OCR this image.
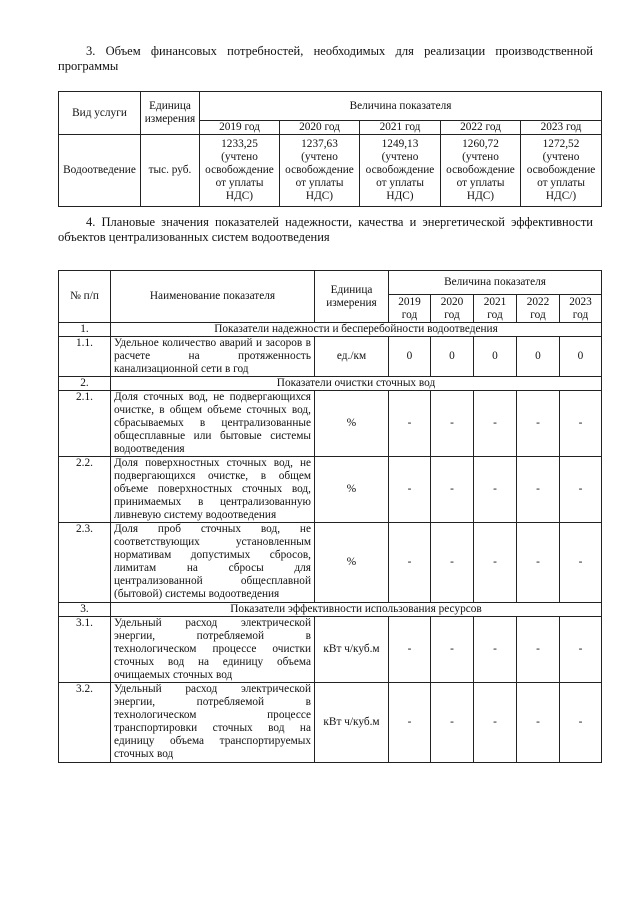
3. Объем финансовых потребностей, необходимых для реализации производственной программы
Вид услуги	Единица измерения	Величина показателя				
		2019 год	2020 год	2021 год	2022 год	2023 год
Водоотведение	тыс. руб.	1233,25 (учтено освобождение от уплаты НДС)	1237,63 (учтено освобождение от уплаты НДС)	1249,13 (учтено освобождение от уплаты НДС)	1260,72 (учтено освобождение от уплаты НДС)	1272,52 (учтено освобождение от уплаты НДС/)
4. Плановые значения показателей надежности, качества и энергетической эффективности объектов централизованных систем водоотведения
№ п/п	Наименование показателя	Единица измерения	Величина показателя				
			2019 год	2020 год	2021 год	2022 год	2023 год
1.	Показатели надежности и бесперебойности водоотведения						
1.1.	Удельное количество аварий и засоров в расчете на протяженность канализационной сети в год	ед./км	0	0	0	0	0
2.	Показатели очистки сточных вод						
2.1.	Доля сточных вод, не подвергающихся очистке, в общем объеме сточных вод, сбрасываемых в централизованные общесплавные или бытовые системы водоотведения	%	-	-	-	-	-
2.2.	Доля поверхностных сточных вод, не подвергающихся очистке, в общем объеме поверхностных сточных вод, принимаемых в централизованную ливневую систему водоотведения	%	-	-	-	-	-
2.3.	Доля проб сточных вод, не соответствующих установленным нормативам допустимых сбросов, лимитам на сбросы для централизованной общесплавной (бытовой) системы водоотведения	%	-	-	-	-	-
3.	Показатели эффективности использования ресурсов						
3.1.	Удельный расход электрической энергии, потребляемой в технологическом процессе очистки сточных вод на единицу объема очищаемых сточных вод	кВт ч/куб.м	-	-	-	-	-
3.2.	Удельный расход электрической энергии, потребляемой в технологическом процессе транспортировки сточных вод на единицу объема транспортируемых сточных вод	кВт ч/куб.м	-	-	-	-	-
